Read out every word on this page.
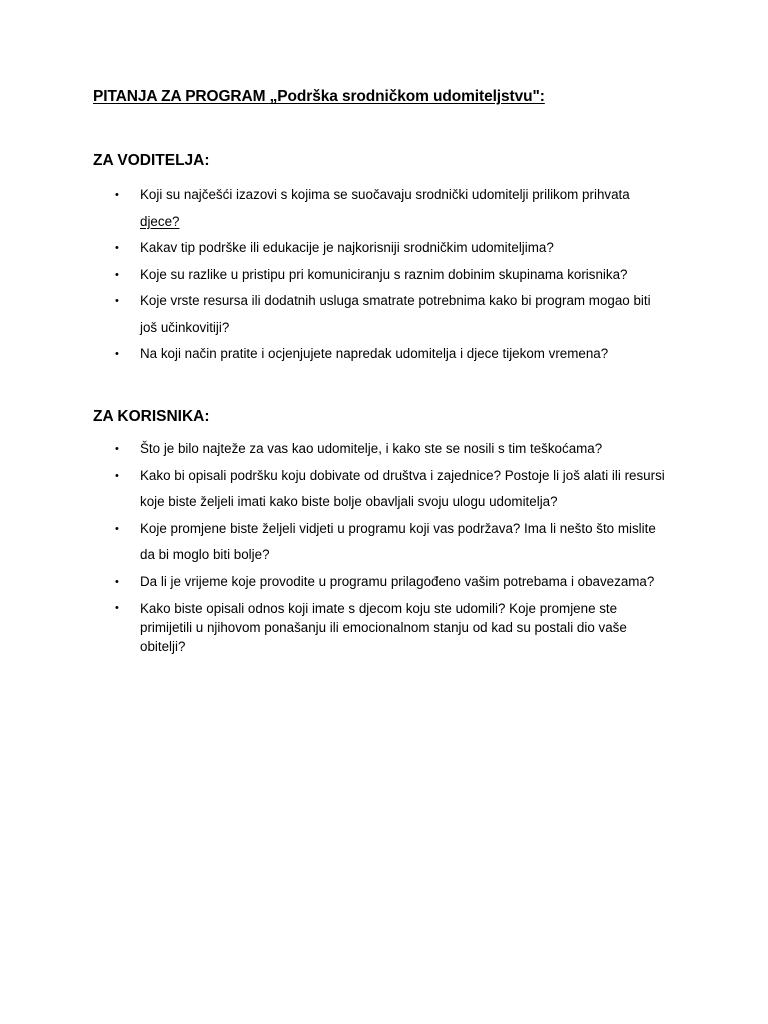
PITANJA ZA PROGRAM „Podrška srodničkom udomiteljstvu":
ZA VODITELJA:
• Koji su najčešći izazovi s kojima se suočavaju srodnički udomitelji prilikom prihvata djece?
• Kakav tip podrške ili edukacije je najkorisniji srodničkim udomiteljima?
• Koje su razlike u pristipu pri komuniciranju s raznim dobinim skupinama korisnika?
• Koje vrste resursa ili dodatnih usluga smatrate potrebnima kako bi program mogao biti još učinkovitiji?
• Na koji način pratite i ocjenjujete napredak udomitelja i djece tijekom vremena?
ZA KORISNIKA:
• Što je bilo najteže za vas kao udomitelje, i kako ste se nosili s tim teškoćama?
• Kako bi opisali podršku koju dobivate od društva i zajednice? Postoje li još alati ili resursi koje biste željeli imati kako biste bolje obavljali svoju ulogu udomitelja?
• Koje promjene biste željeli vidjeti u programu koji vas podržava? Ima li nešto što mislite da bi moglo biti bolje?
• Da li je vrijeme koje provodite u programu prilagođeno vašim potrebama i obavezama?
• Kako biste opisali odnos koji imate s djecom koju ste udomili? Koje promjene ste primijetili u njihovom ponašanju ili emocionalnom stanju od kad su postali dio vaše obitelji?
